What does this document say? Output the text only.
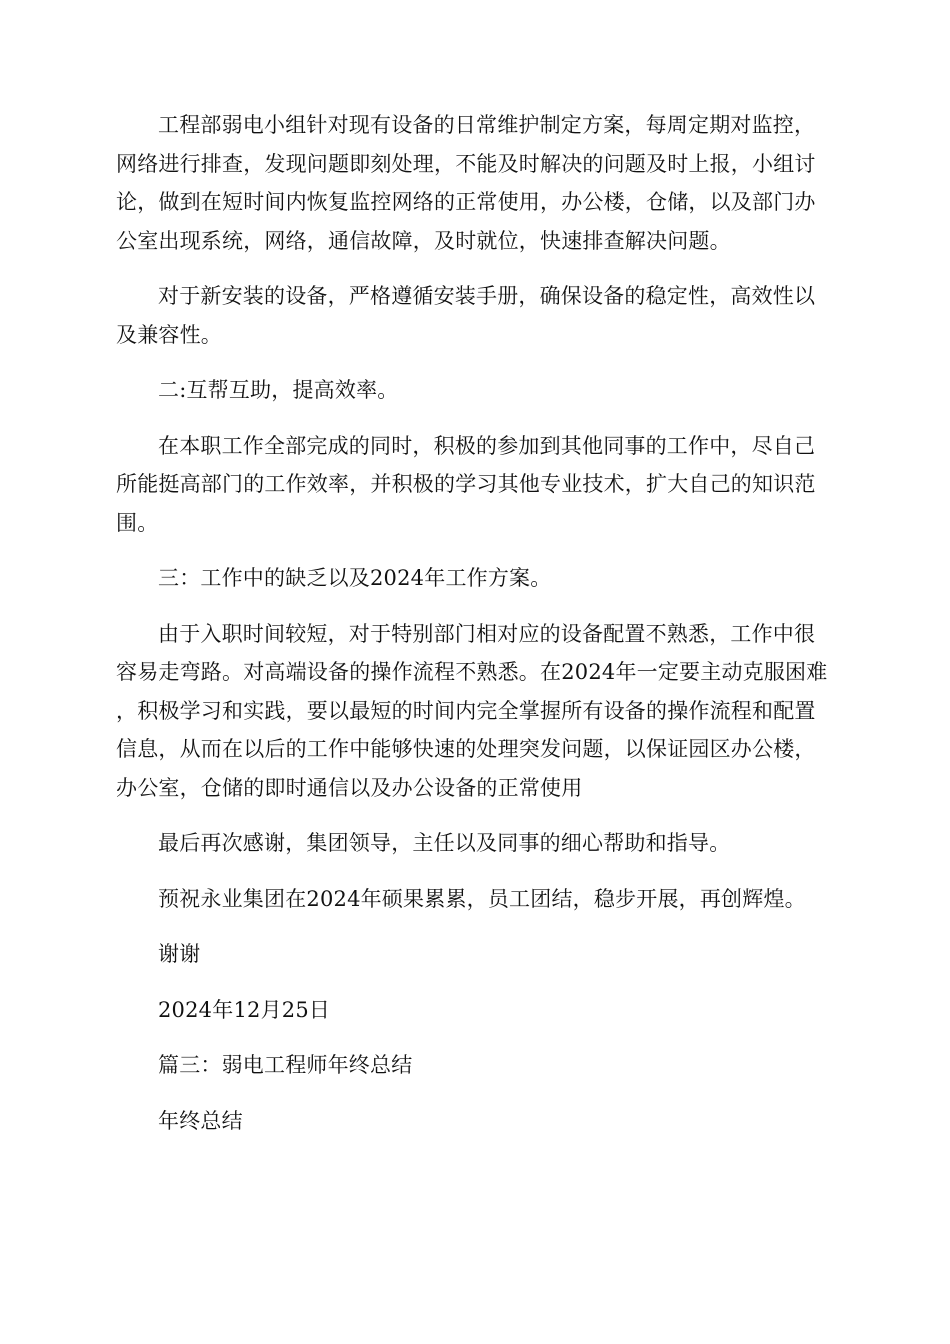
工程部弱电小组针对现有设备的日常维护制定方案，每周定期对监控，网络进行排查，发现问题即刻处理，不能及时解决的问题及时上报，小组讨论，做到在短时间内恢复监控网络的正常使用，办公楼，仓储，以及部门办公室出现系统，网络，通信故障，及时就位，快速排查解决问题。

对于新安装的设备，严格遵循安装手册，确保设备的稳定性，高效性以及兼容性。

二:互帮互助，提高效率。

在本职工作全部完成的同时，积极的参加到其他同事的工作中，尽自己所能挺高部门的工作效率，并积极的学习其他专业技术，扩大自己的知识范围。

三：工作中的缺乏以及2024年工作方案。

由于入职时间较短，对于特别部门相对应的设备配置不熟悉，工作中很容易走弯路。对高端设备的操作流程不熟悉。在2024年一定要主动克服困难，积极学习和实践，要以最短的时间内完全掌握所有设备的操作流程和配置信息，从而在以后的工作中能够快速的处理突发问题，以保证园区办公楼，办公室，仓储的即时通信以及办公设备的正常使用

最后再次感谢，集团领导，主任以及同事的细心帮助和指导。

预祝永业集团在2024年硕果累累，员工团结，稳步开展，再创辉煌。

谢谢

2024年12月25日

篇三：弱电工程师年终总结

年终总结
